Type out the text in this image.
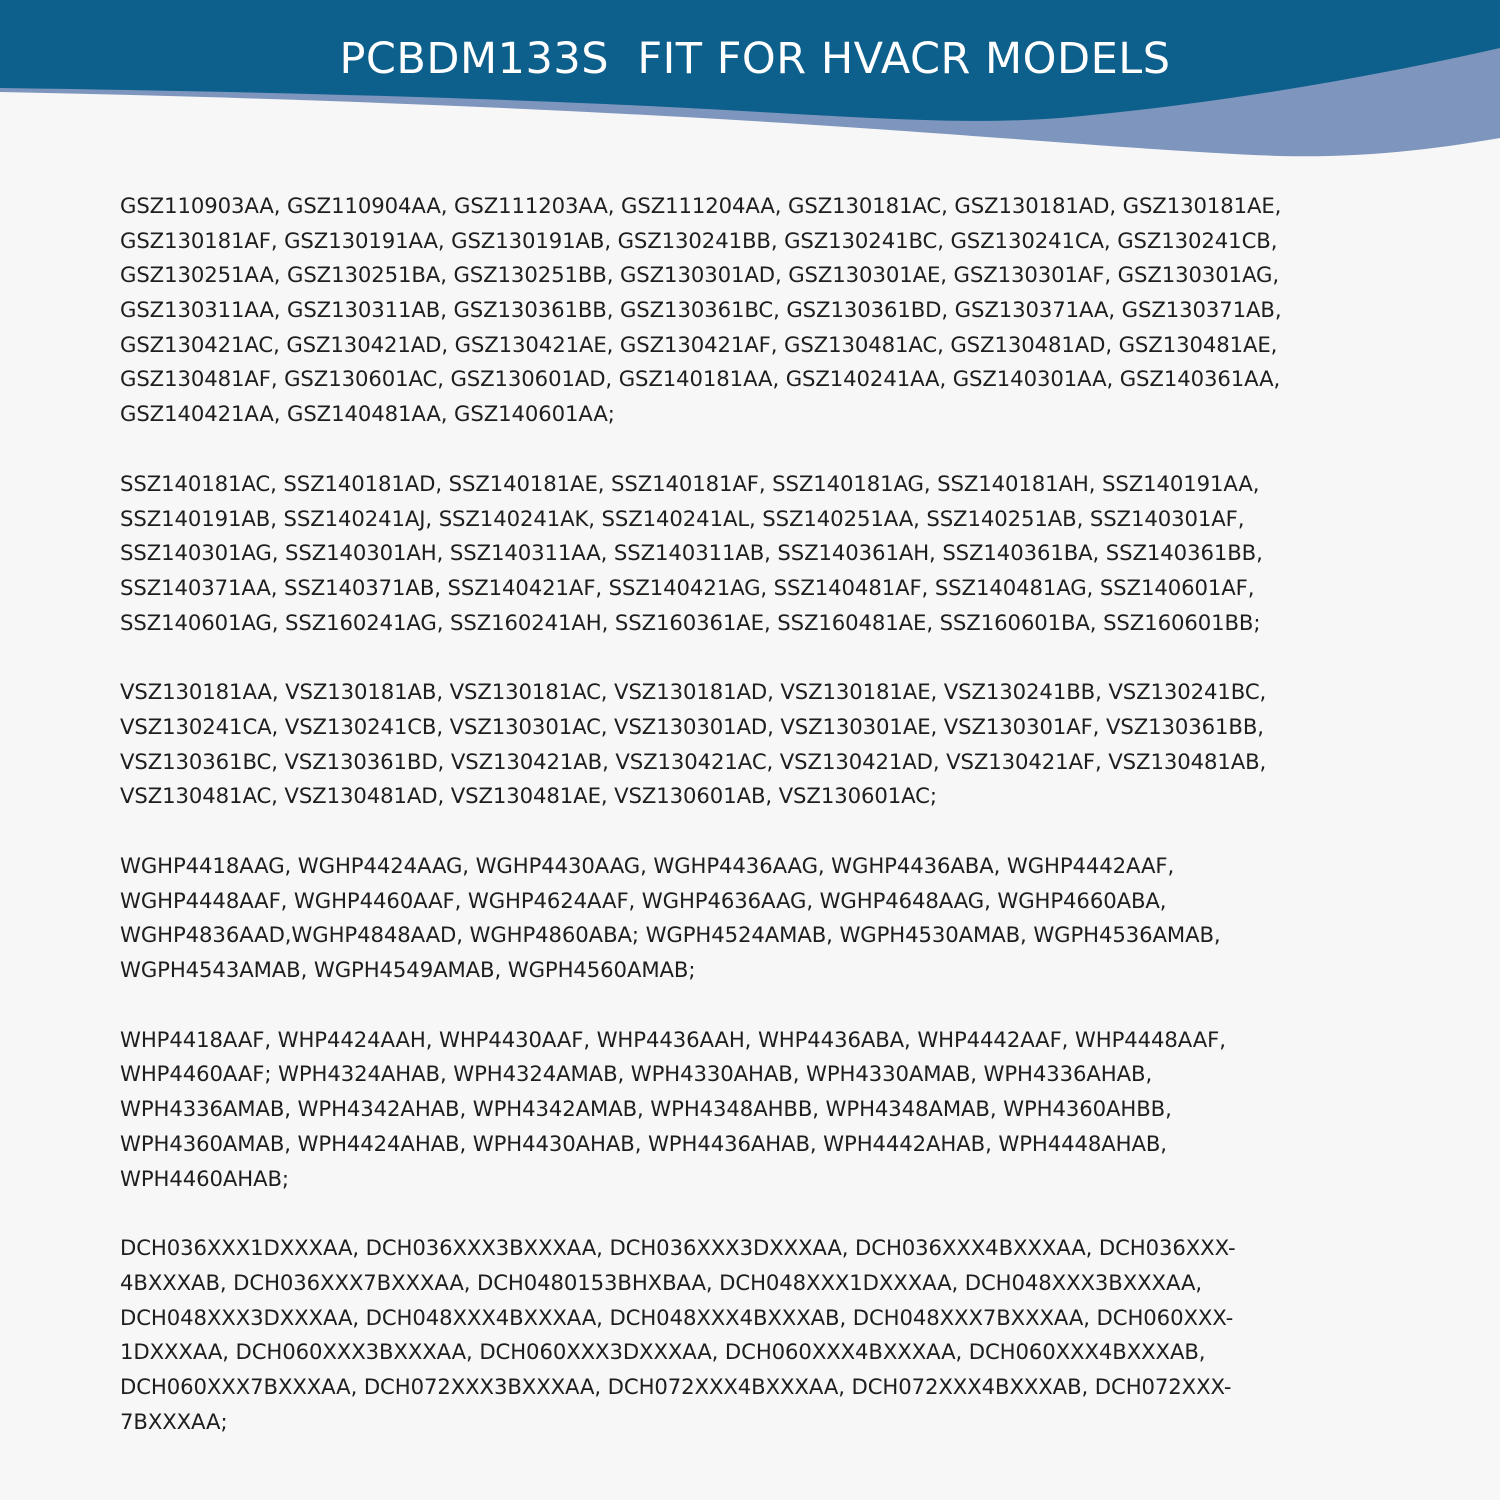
PCBDM133S  FIT FOR HVACR MODELS
GSZ110903AA, GSZ110904AA, GSZ111203AA, GSZ111204AA, GSZ130181AC, GSZ130181AD, GSZ130181AE,
GSZ130181AF, GSZ130191AA, GSZ130191AB, GSZ130241BB, GSZ130241BC, GSZ130241CA, GSZ130241CB,
GSZ130251AA, GSZ130251BA, GSZ130251BB, GSZ130301AD, GSZ130301AE, GSZ130301AF, GSZ130301AG,
GSZ130311AA, GSZ130311AB, GSZ130361BB, GSZ130361BC, GSZ130361BD, GSZ130371AA, GSZ130371AB,
GSZ130421AC, GSZ130421AD, GSZ130421AE, GSZ130421AF, GSZ130481AC, GSZ130481AD, GSZ130481AE,
GSZ130481AF, GSZ130601AC, GSZ130601AD, GSZ140181AA, GSZ140241AA, GSZ140301AA, GSZ140361AA,
GSZ140421AA, GSZ140481AA, GSZ140601AA;
SSZ140181AC, SSZ140181AD, SSZ140181AE, SSZ140181AF, SSZ140181AG, SSZ140181AH, SSZ140191AA,
SSZ140191AB, SSZ140241AJ, SSZ140241AK, SSZ140241AL, SSZ140251AA, SSZ140251AB, SSZ140301AF,
SSZ140301AG, SSZ140301AH, SSZ140311AA, SSZ140311AB, SSZ140361AH, SSZ140361BA, SSZ140361BB,
SSZ140371AA, SSZ140371AB, SSZ140421AF, SSZ140421AG, SSZ140481AF, SSZ140481AG, SSZ140601AF,
SSZ140601AG, SSZ160241AG, SSZ160241AH, SSZ160361AE, SSZ160481AE, SSZ160601BA, SSZ160601BB;
VSZ130181AA, VSZ130181AB, VSZ130181AC, VSZ130181AD, VSZ130181AE, VSZ130241BB, VSZ130241BC,
VSZ130241CA, VSZ130241CB, VSZ130301AC, VSZ130301AD, VSZ130301AE, VSZ130301AF, VSZ130361BB,
VSZ130361BC, VSZ130361BD, VSZ130421AB, VSZ130421AC, VSZ130421AD, VSZ130421AF, VSZ130481AB,
VSZ130481AC, VSZ130481AD, VSZ130481AE, VSZ130601AB, VSZ130601AC;
WGHP4418AAG, WGHP4424AAG, WGHP4430AAG, WGHP4436AAG, WGHP4436ABA, WGHP4442AAF,
WGHP4448AAF, WGHP4460AAF, WGHP4624AAF, WGHP4636AAG, WGHP4648AAG, WGHP4660ABA,
WGHP4836AAD,WGHP4848AAD, WGHP4860ABA; WGPH4524AMAB, WGPH4530AMAB, WGPH4536AMAB,
WGPH4543AMAB, WGPH4549AMAB, WGPH4560AMAB;
WHP4418AAF, WHP4424AAH, WHP4430AAF, WHP4436AAH, WHP4436ABA, WHP4442AAF, WHP4448AAF,
WHP4460AAF; WPH4324AHAB, WPH4324AMAB, WPH4330AHAB, WPH4330AMAB, WPH4336AHAB,
WPH4336AMAB, WPH4342AHAB, WPH4342AMAB, WPH4348AHBB, WPH4348AMAB, WPH4360AHBB,
WPH4360AMAB, WPH4424AHAB, WPH4430AHAB, WPH4436AHAB, WPH4442AHAB, WPH4448AHAB,
WPH4460AHAB;
DCH036XXX1DXXXAA, DCH036XXX3BXXXAA, DCH036XXX3DXXXAA, DCH036XXX4BXXXAA, DCH036XXX-
4BXXXAB, DCH036XXX7BXXXAA, DCH0480153BHXBAA, DCH048XXX1DXXXAA, DCH048XXX3BXXXAA,
DCH048XXX3DXXXAA, DCH048XXX4BXXXAA, DCH048XXX4BXXXAB, DCH048XXX7BXXXAA, DCH060XXX-
1DXXXAA, DCH060XXX3BXXXAA, DCH060XXX3DXXXAA, DCH060XXX4BXXXAA, DCH060XXX4BXXXAB,
DCH060XXX7BXXXAA, DCH072XXX3BXXXAA, DCH072XXX4BXXXAA, DCH072XXX4BXXXAB, DCH072XXX-
7BXXXAA;
